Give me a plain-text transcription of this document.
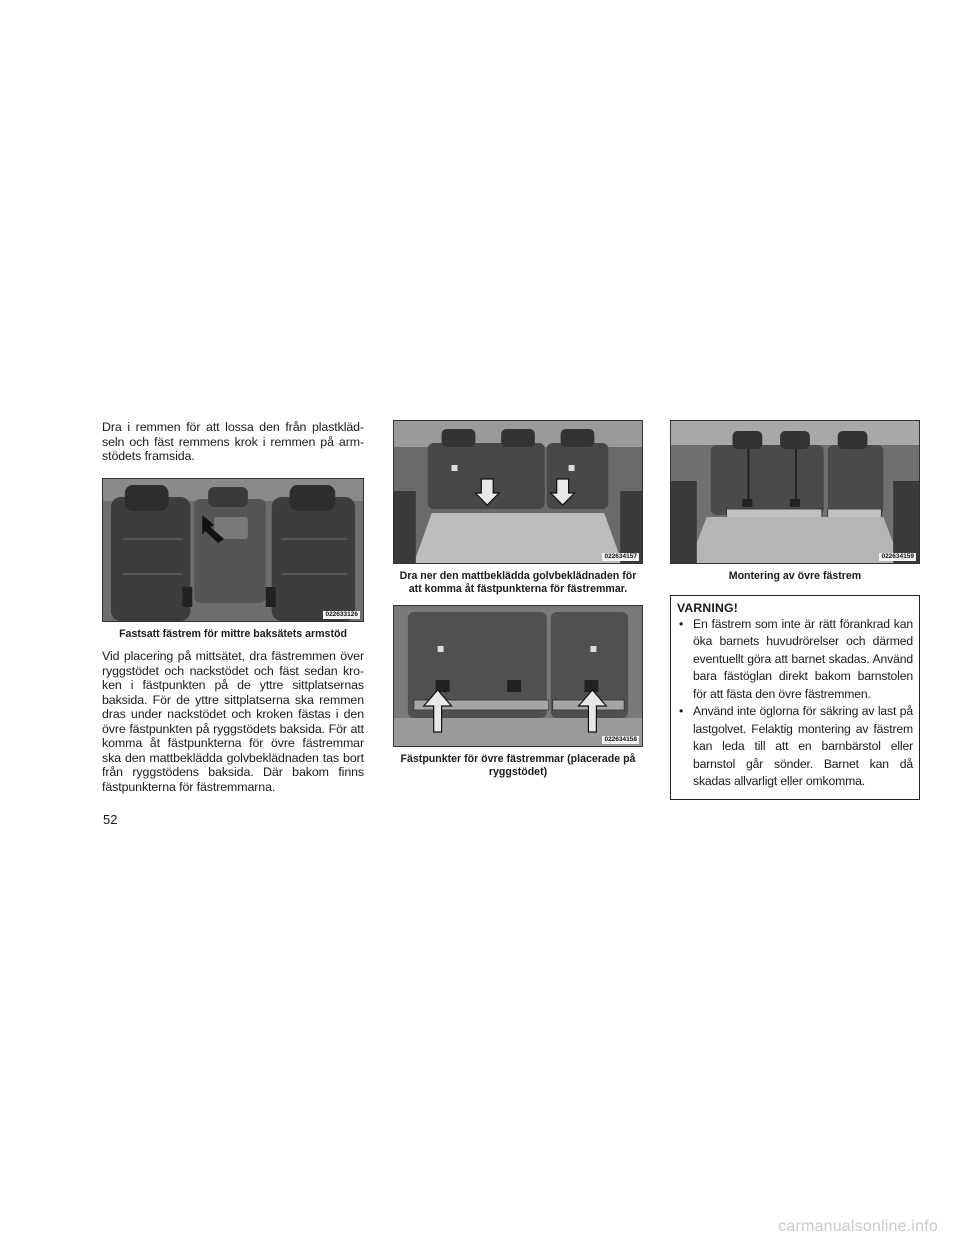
Dra i remmen för att lossa den från plastkläd-seln och fäst remmens krok i remmen på arm-stödets framsida.

022633126

Fastsatt fästrem för mittre baksätets armstöd

Vid placering på mittsätet, dra fästremmen över ryggstödet och nackstödet och fäst sedan kro-ken i fästpunkten på de yttre sittplatsernas baksida. För de yttre sittplatserna ska remmen dras under nackstödet och kroken fästas i den övre fästpunkten på ryggstödets baksida. För att komma åt fästpunkterna för övre fästremmar ska den mattbeklädda golvbeklädnaden tas bort från ryggstödens baksida. Där bakom finns fästpunkterna för fästremmarna.

022634157

Dra ner den mattbeklädda golvbeklädnaden för att komma åt fästpunkterna för fästremmar.

022634158

Fästpunkter för övre fästremmar (placerade på ryggstödet)

022634159

Montering av övre fästrem

VARNING!
• En fästrem som inte är rätt förankrad kan öka barnets huvudrörelser och därmed eventuellt göra att barnet skadas. Använd bara fästöglan direkt bakom barnstolen för att fästa den övre fästremmen.
• Använd inte öglorna för säkring av last på lastgolvet. Felaktig montering av fästrem kan leda till att en barnbärstol eller barnstol går sönder. Barnet kan då skadas allvarligt eller omkomma.
52
carmanualsonline.info
